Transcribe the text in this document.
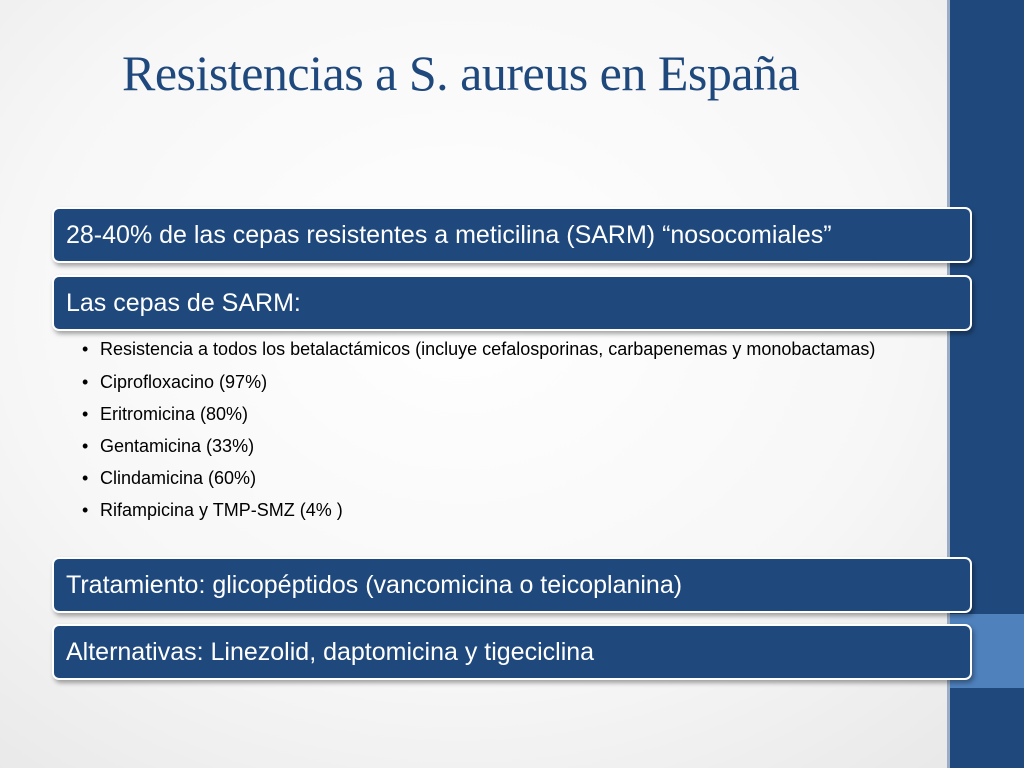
Resistencias a S. aureus en España
28-40% de las cepas resistentes a meticilina (SARM) “nosocomiales”
Las cepas de SARM:
• Resistencia a todos los betalactámicos (incluye cefalosporinas, carbapenemas y monobactamas)
• Ciprofloxacino (97%)
• Eritromicina (80%)
• Gentamicina (33%)
• Clindamicina (60%)
• Rifampicina y TMP-SMZ (4% )
Tratamiento: glicopéptidos (vancomicina o teicoplanina)
Alternativas: Linezolid, daptomicina y tigeciclina
